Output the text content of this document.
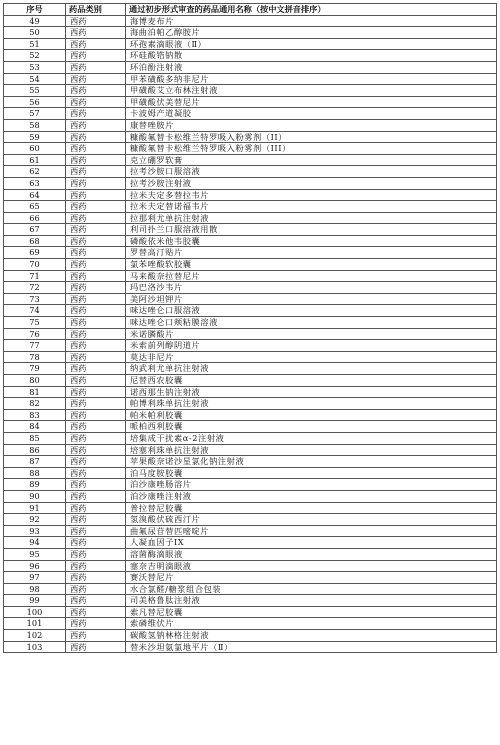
序号	药品类别	通过初步形式审查的药品通用名称（按中文拼音排序）
49	西药	海博麦布片
50	西药	海曲泊帕乙醇胺片
51	西药	环孢素滴眼液（Ⅱ）
52	西药	环硅酸锆钠散
53	西药	环泊酚注射液
54	西药	甲苯磺酸多纳非尼片
55	西药	甲磺酸艾立布林注射液
56	西药	甲磺酸伏美替尼片
57	西药	卡波姆产道凝胶
58	西药	康替唑胺片
59	西药	糠酸氟替卡松维兰特罗吸入粉雾剂（II）
60	西药	糠酸氟替卡松维兰特罗吸入粉雾剂（III）
61	西药	克立硼罗软膏
62	西药	拉考沙胺口服溶液
63	西药	拉考沙胺注射液
64	西药	拉米夫定多替拉韦片
65	西药	拉米夫定替诺福韦片
66	西药	拉那利尤单抗注射液
67	西药	利司扑兰口服溶液用散
68	西药	磷酸依米他韦胶囊
69	西药	罗替高汀贴片
70	西药	氯苯唑酸软胶囊
71	西药	马来酸奈拉替尼片
72	西药	玛巴洛沙韦片
73	西药	美阿沙坦钾片
74	西药	咪达唑仑口服溶液
75	西药	咪达唑仑口颊粘膜溶液
76	西药	米诺膦酸片
77	西药	米索前列醇阴道片
78	西药	莫达非尼片
79	西药	纳武利尤单抗注射液
80	西药	尼替西农胶囊
81	西药	诺西那生钠注射液
82	西药	帕博利珠单抗注射液
83	西药	帕米帕利胶囊
84	西药	哌柏西利胶囊
85	西药	培集成干扰素α-2注射液
86	西药	培塞利珠单抗注射液
87	西药	苹果酸奈诺沙星氯化钠注射液
88	西药	泊马度胺胶囊
89	西药	泊沙康唑肠溶片
90	西药	泊沙康唑注射液
91	西药	普拉替尼胶囊
92	西药	氢溴酸伏硫西汀片
93	西药	曲氟尿苷替匹嘧啶片
94	西药	人凝血因子IX
95	西药	溶菌酶滴眼液
96	西药	塞奈吉明滴眼液
97	西药	赛沃替尼片
98	西药	水合氯醛/糖浆组合包装
99	西药	司美格鲁肽注射液
100	西药	索凡替尼胶囊
101	西药	索磷维伏片
102	西药	碳酸氢钠林格注射液
103	西药	替米沙坦氨氯地平片（Ⅱ）
